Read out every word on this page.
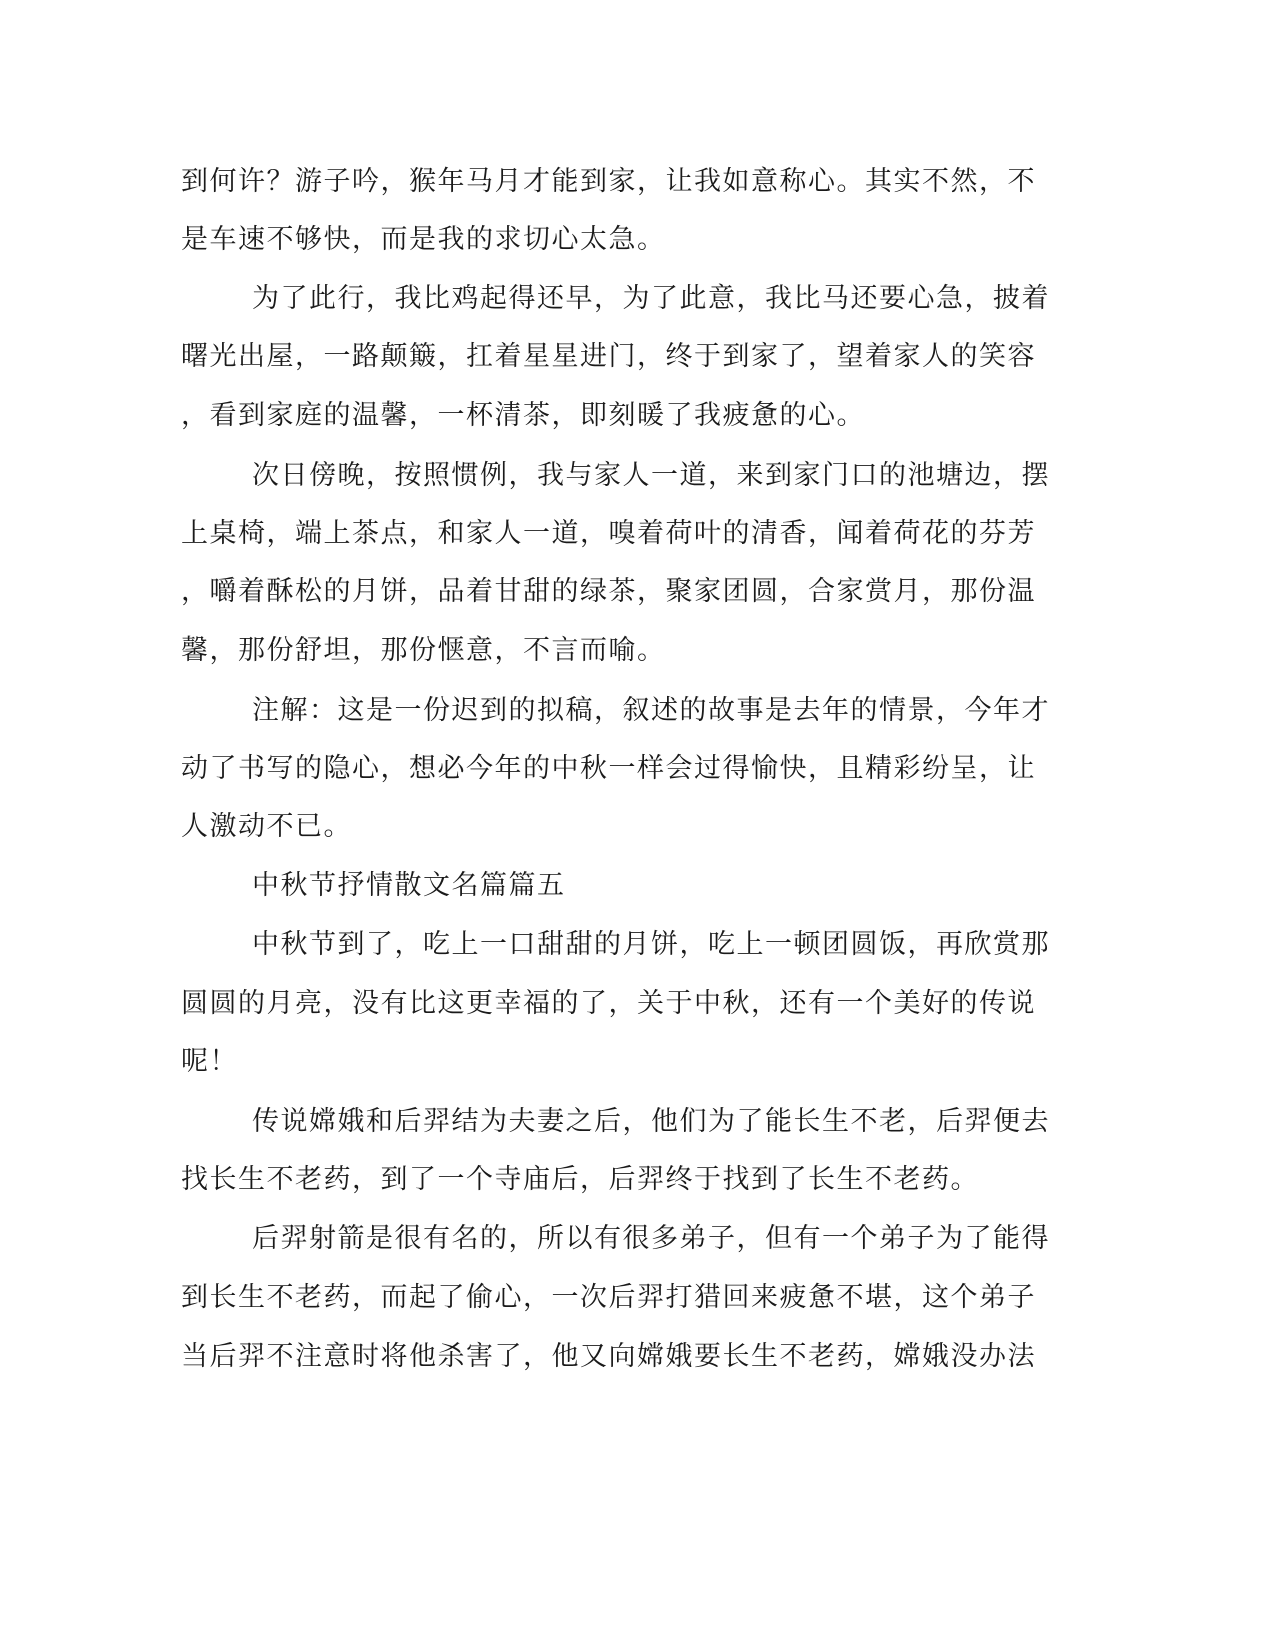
到何许？游子吟，猴年马月才能到家，让我如意称心。其实不然，不
是车速不够快，而是我的求切心太急。
为了此行，我比鸡起得还早，为了此意，我比马还要心急，披着
曙光出屋，一路颠簸，扛着星星进门，终于到家了，望着家人的笑容
，看到家庭的温馨，一杯清茶，即刻暖了我疲惫的心。
次日傍晚，按照惯例，我与家人一道，来到家门口的池塘边，摆
上桌椅，端上茶点，和家人一道，嗅着荷叶的清香，闻着荷花的芬芳
，嚼着酥松的月饼，品着甘甜的绿茶，聚家团圆，合家赏月，那份温
馨，那份舒坦，那份惬意，不言而喻。
注解：这是一份迟到的拟稿，叙述的故事是去年的情景，今年才
动了书写的隐心，想必今年的中秋一样会过得愉快，且精彩纷呈，让
人激动不已。
中秋节抒情散文名篇篇五
中秋节到了，吃上一口甜甜的月饼，吃上一顿团圆饭，再欣赏那
圆圆的月亮，没有比这更幸福的了，关于中秋，还有一个美好的传说
呢！
传说嫦娥和后羿结为夫妻之后，他们为了能长生不老，后羿便去
找长生不老药，到了一个寺庙后，后羿终于找到了长生不老药。
后羿射箭是很有名的，所以有很多弟子，但有一个弟子为了能得
到长生不老药，而起了偷心，一次后羿打猎回来疲惫不堪，这个弟子
当后羿不注意时将他杀害了，他又向嫦娥要长生不老药，嫦娥没办法
